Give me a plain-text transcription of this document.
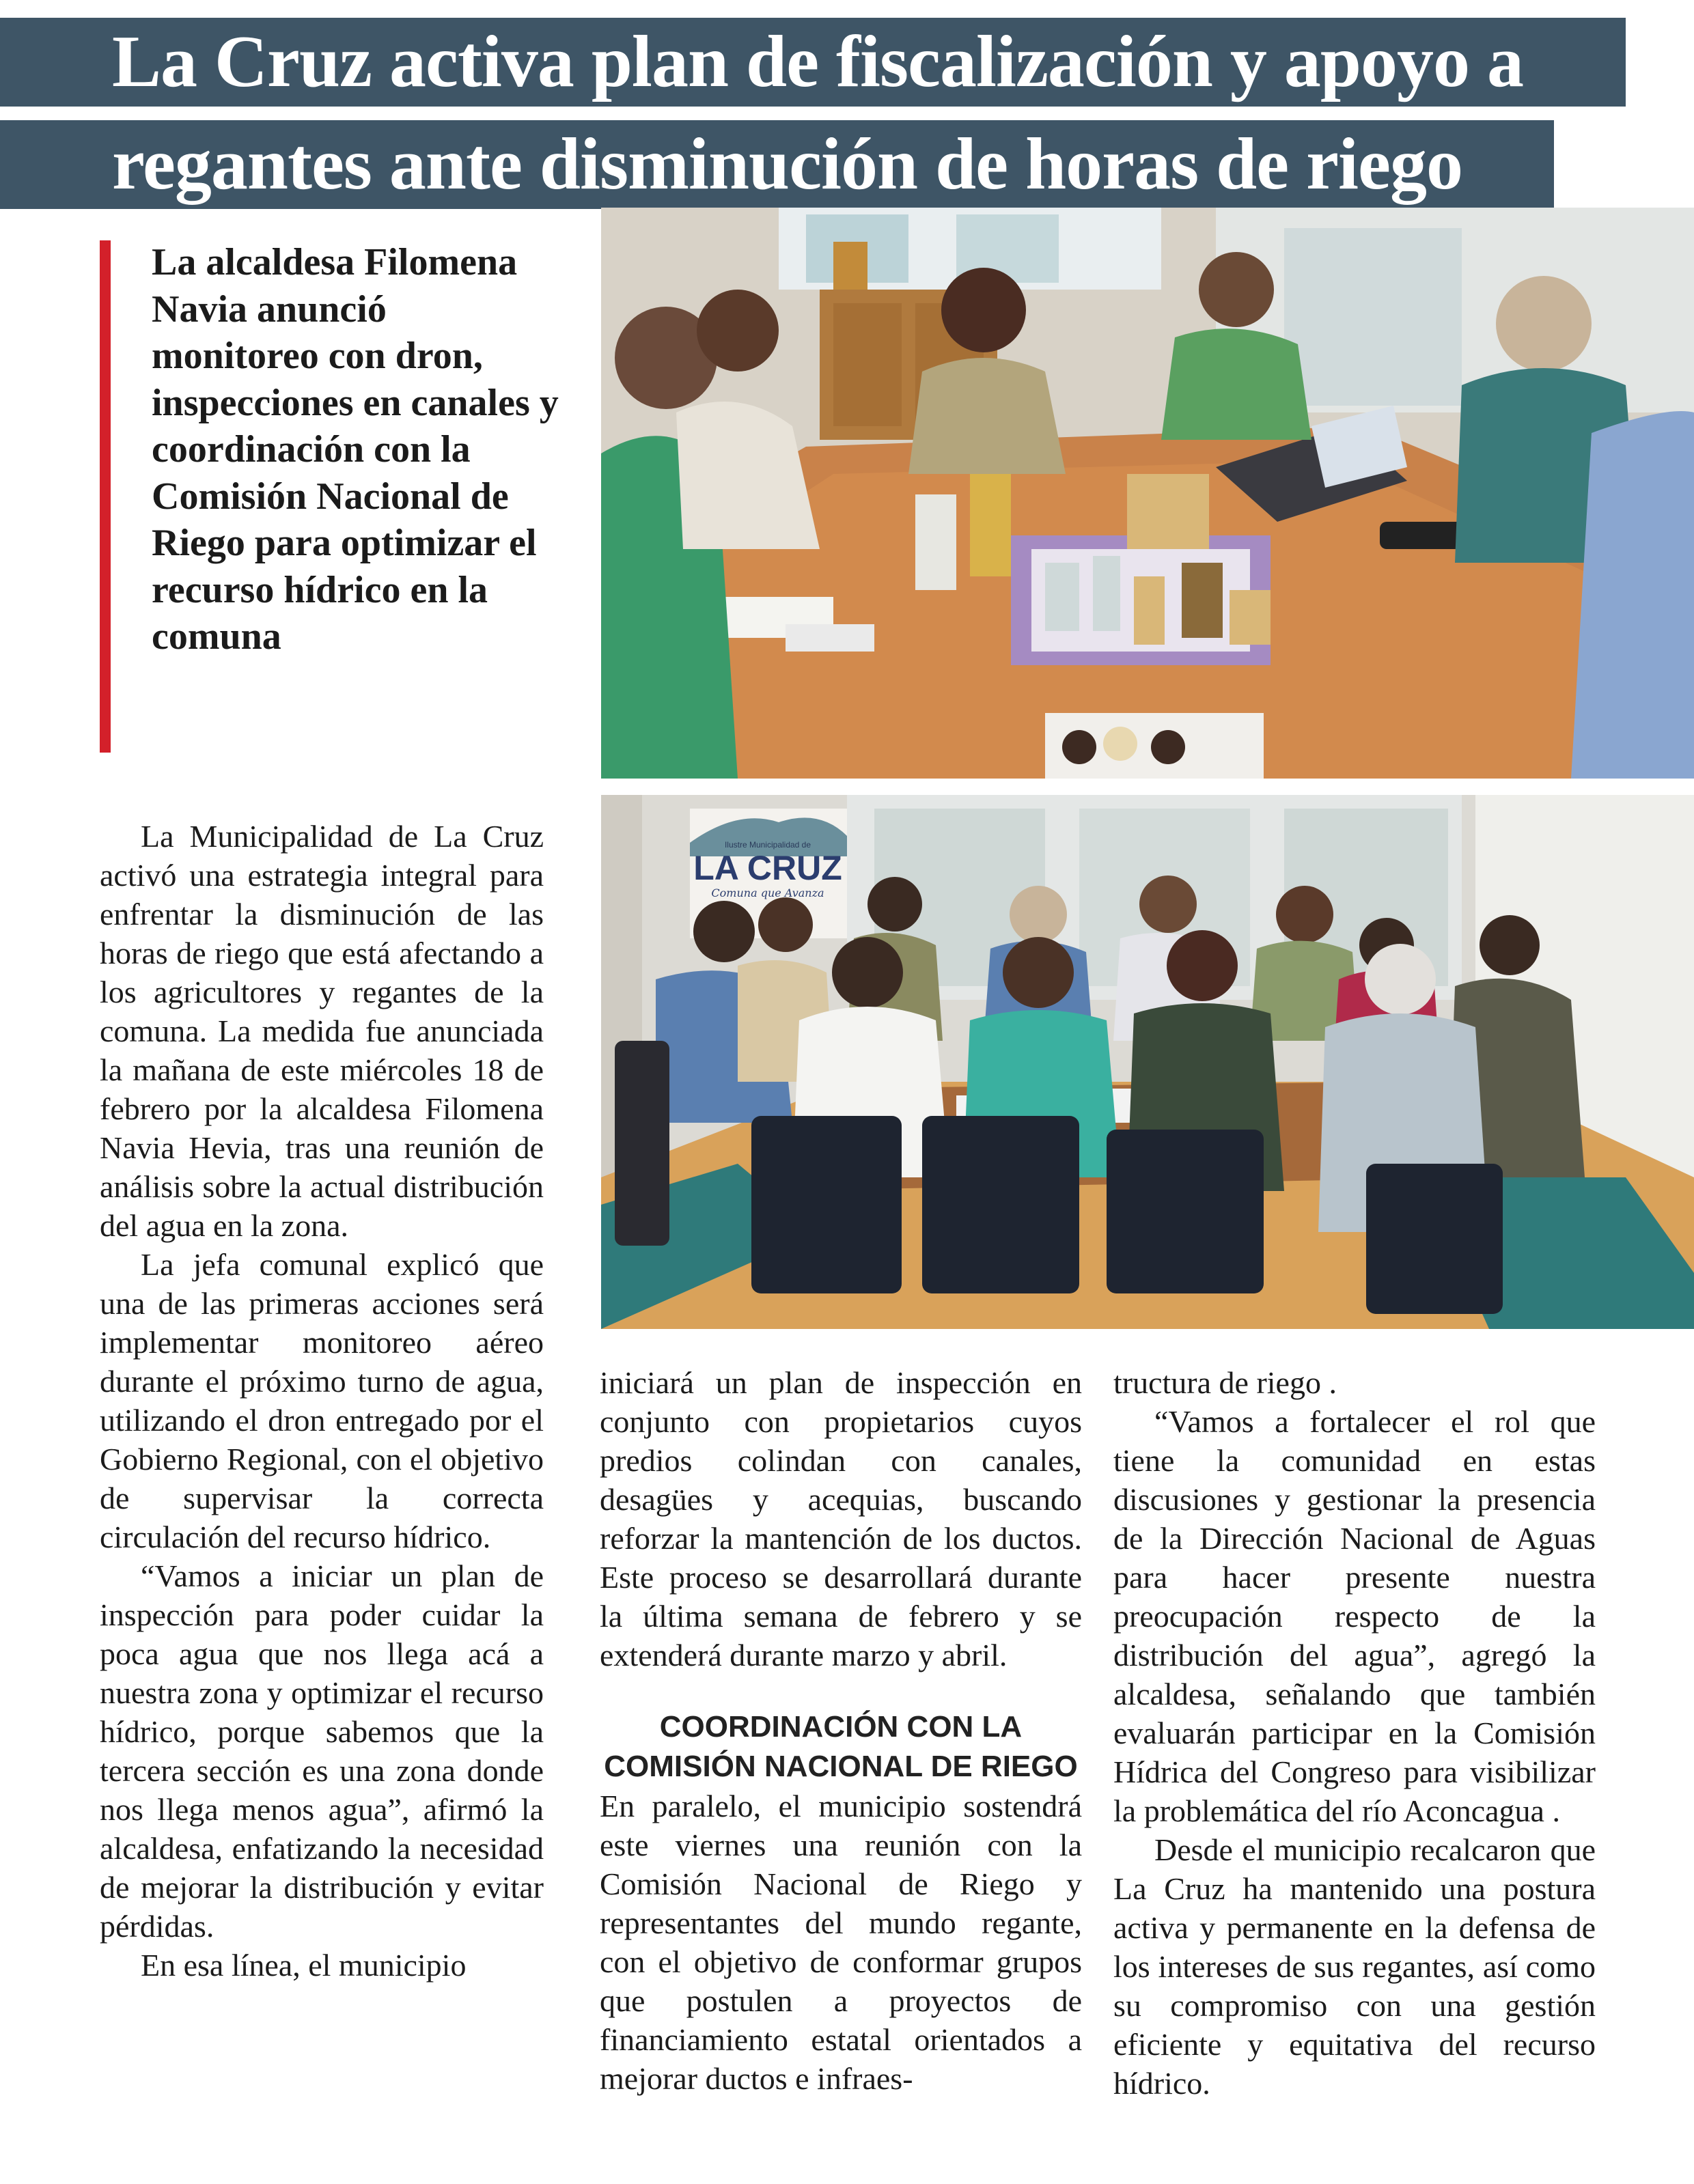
La Cruz activa plan de fiscalización y apoyo a
regantes ante disminución de horas de riego
La alcaldesa Filomena Navia anunció monitoreo con dron, inspecciones en canales y coordinación con la Comisión Nacional de Riego para optimizar el recurso hídrico en la comuna
Ilustre Municipalidad de
LA CRUZ
Comuna que Avanza

La Municipalidad de La Cruz activó una estrategia integral para enfrentar la disminución de las horas de riego que está afectando a los agricultores y regantes de la comuna. La medida fue anunciada la mañana de este miércoles 18 de febrero por la alcaldesa Filomena Navia Hevia, tras una reunión de análisis sobre la actual distribución del agua en la zona.

La jefa comunal explicó que una de las primeras acciones será implementar monitoreo aéreo durante el próximo turno de agua, utilizando el dron entregado por el Gobierno Regional, con el objetivo de supervisar la correcta circulación del recurso hídrico.

“Vamos a iniciar un plan de inspección para poder cuidar la poca agua que nos llega acá a nuestra zona y optimizar el recurso hídrico, porque sabemos que la tercera sección es una zona donde nos llega menos agua”, afirmó la alcaldesa, enfatizando la necesidad de mejorar la distribución y evitar pérdidas.

En esa línea, el municipio

iniciará un plan de inspección en conjunto con propietarios cuyos predios colindan con canales, desagües y acequias, buscando reforzar la mantención de los ductos. Este proceso se desarrollará durante la última semana de febrero y se extenderá durante marzo y abril.

COORDINACIÓN CON LA COMISIÓN NACIONAL DE RIEGO

En paralelo, el municipio sostendrá este viernes una reunión con la Comisión Nacional de Riego y representantes del mundo regante, con el objetivo de conformar grupos que postulen a proyectos de financiamiento estatal orientados a mejorar ductos e infraes-

tructura de riego .

“Vamos a fortalecer el rol que tiene la comunidad en estas discusiones y gestionar la presencia de la Dirección Nacional de Aguas para hacer presente nuestra preocupación respecto de la distribución del agua”, agregó la alcaldesa, señalando que también evaluarán participar en la Comisión Hídrica del Congreso para visibilizar la problemática del río Aconcagua .

Desde el municipio recalcaron que La Cruz ha mantenido una postura activa y permanente en la defensa de los intereses de sus regantes, así como su compromiso con una gestión eficiente y equitativa del recurso hídrico.
